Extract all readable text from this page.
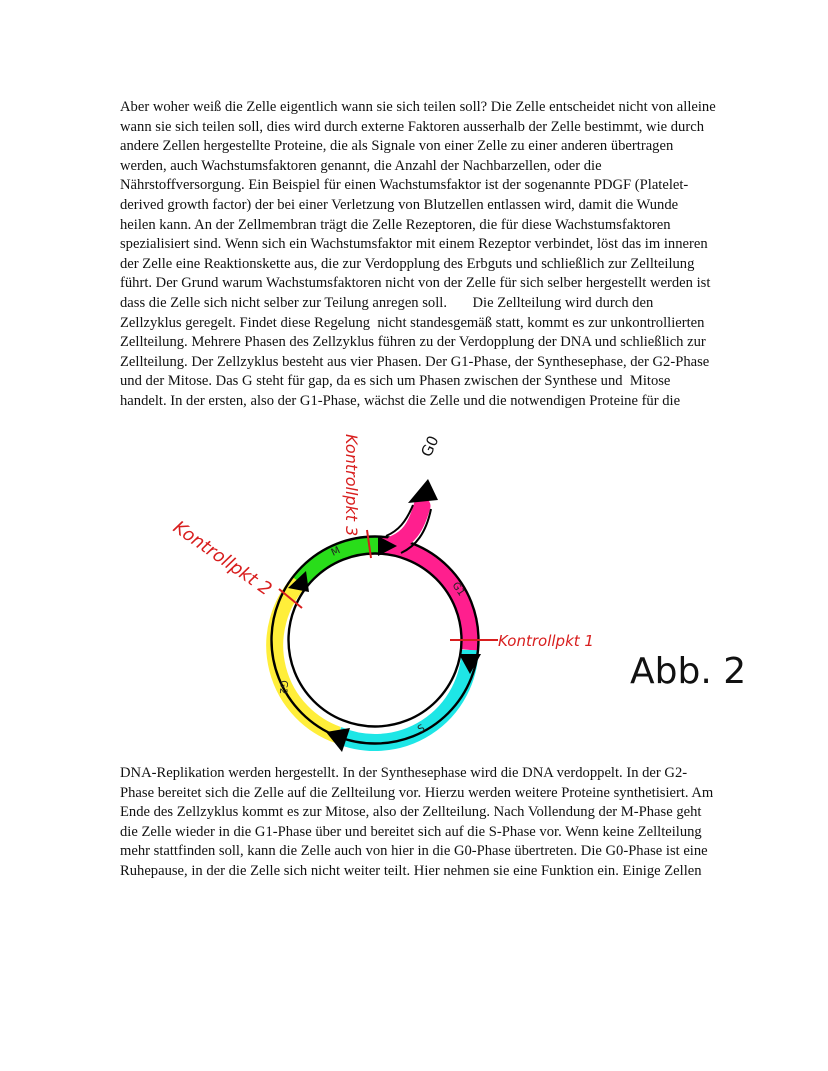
Aber woher weiß die Zelle eigentlich wann sie sich teilen soll? Die Zelle entscheidet nicht von alleine
wann sie sich teilen soll, dies wird durch externe Faktoren ausserhalb der Zelle bestimmt, wie durch
andere Zellen hergestellte Proteine, die als Signale von einer Zelle zu einer anderen übertragen
werden, auch Wachstumsfaktoren genannt, die Anzahl der Nachbarzellen, oder die
Nährstoffversorgung. Ein Beispiel für einen Wachstumsfaktor ist der sogenannte PDGF (Platelet-
derived growth factor) der bei einer Verletzung von Blutzellen entlassen wird, damit die Wunde
heilen kann. An der Zellmembran trägt die Zelle Rezeptoren, die für diese Wachstumsfaktoren
spezialisiert sind. Wenn sich ein Wachstumsfaktor mit einem Rezeptor verbindet, löst das im inneren
der Zelle eine Reaktionskette aus, die zur Verdopplung des Erbguts und schließlich zur Zellteilung
führt. Der Grund warum Wachstumsfaktoren nicht von der Zelle für sich selber hergestellt werden ist
dass die Zelle sich nicht selber zur Teilung anregen soll.       Die Zellteilung wird durch den
Zellzyklus geregelt. Findet diese Regelung  nicht standesgemäß statt, kommt es zur unkontrollierten
Zellteilung. Mehrere Phasen des Zellzyklus führen zu der Verdopplung der DNA und schließlich zur
Zellteilung. Der Zellzyklus besteht aus vier Phasen. Der G1-Phase, der Synthesephase, der G2-Phase
und der Mitose. Das G steht für gap, da es sich um Phasen zwischen der Synthese und  Mitose
handelt. In der ersten, also der G1-Phase, wächst die Zelle und die notwendigen Proteine für die
G1
S
G2
M
Kontrollpkt 1
Kontrollpkt 2
Kontrollpkt 3	G0
Abb. 2
DNA-Replikation werden hergestellt. In der Synthesephase wird die DNA verdoppelt. In der G2-
Phase bereitet sich die Zelle auf die Zellteilung vor. Hierzu werden weitere Proteine synthetisiert. Am
Ende des Zellzyklus kommt es zur Mitose, also der Zellteilung. Nach Vollendung der M-Phase geht
die Zelle wieder in die G1-Phase über und bereitet sich auf die S-Phase vor. Wenn keine Zellteilung
mehr stattfinden soll, kann die Zelle auch von hier in die G0-Phase übertreten. Die G0-Phase ist eine
Ruhepause, in der die Zelle sich nicht weiter teilt. Hier nehmen sie eine Funktion ein. Einige Zellen
